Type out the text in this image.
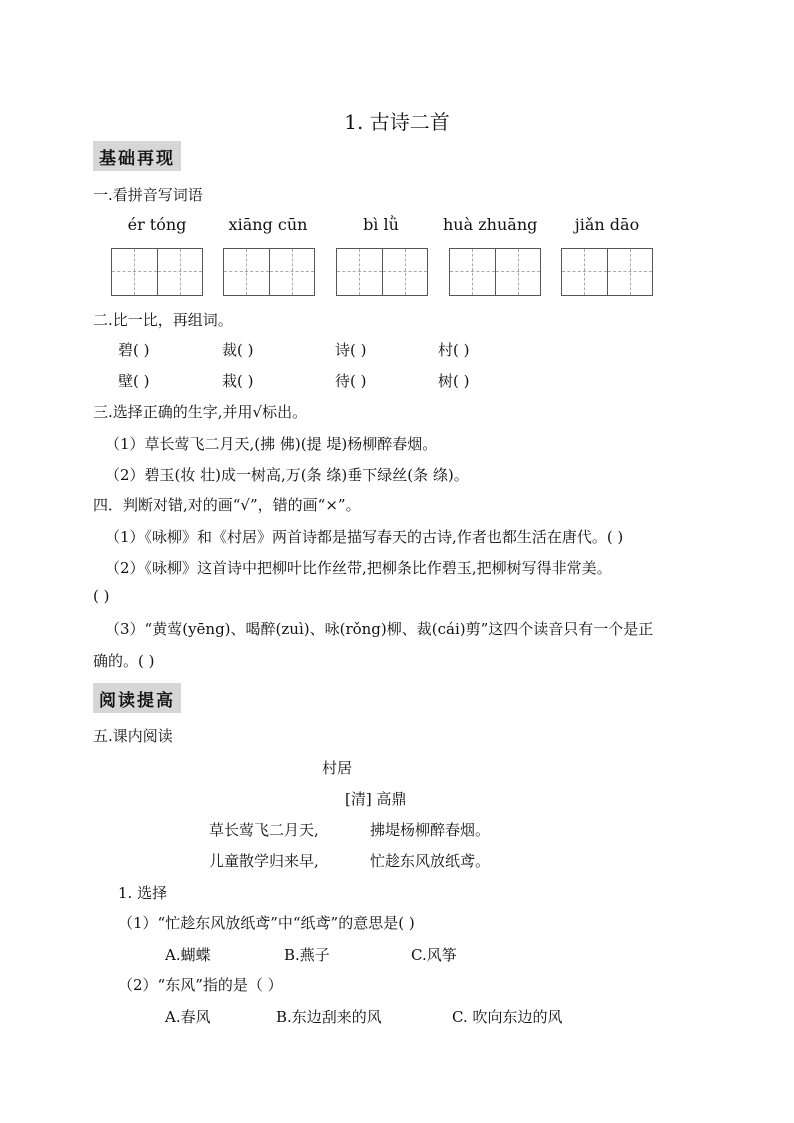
1. 古诗二首
基础再现
一.看拼音写词语
ér tóng	xiāng cūn	bì lǜ	huà zhuāng	jiǎn dāo
二.比一比，再组词。
碧( )	裁( )	诗( )	村( )
壁( )	栽( )	待( )	树( )
三.选择正确的生字,并用√标出。
（1）草长莺飞二月天,(拂 佛)(提 堤)杨柳醉春烟。
（2）碧玉(妆 壮)成一树高,万(条 绦)垂下绿丝(条 绦)。
四．判断对错,对的画“√”，错的画“×”。
（1）《咏柳》和《村居》两首诗都是描写春天的古诗,作者也都生活在唐代。( )
（2）《咏柳》这首诗中把柳叶比作丝带,把柳条比作碧玉,把柳树写得非常美。
( )
（3）“黄莺(yēng)、喝醉(zuì)、咏(rǒng)柳、裁(cái)剪”这四个读音只有一个是正
确的。( )
阅读提高
五.课内阅读
村居
[清] 高鼎
草长莺飞二月天,	拂堤杨柳醉春烟。
儿童散学归来早,	忙趁东风放纸鸢。
1. 选择
（1）“忙趁东风放纸鸢”中“纸鸢”的意思是( )
A.蝴蝶	B.燕子	C.风筝
（2）“东风”指的是（ ）
A.春风	B.东边刮来的风	C. 吹向东边的风
